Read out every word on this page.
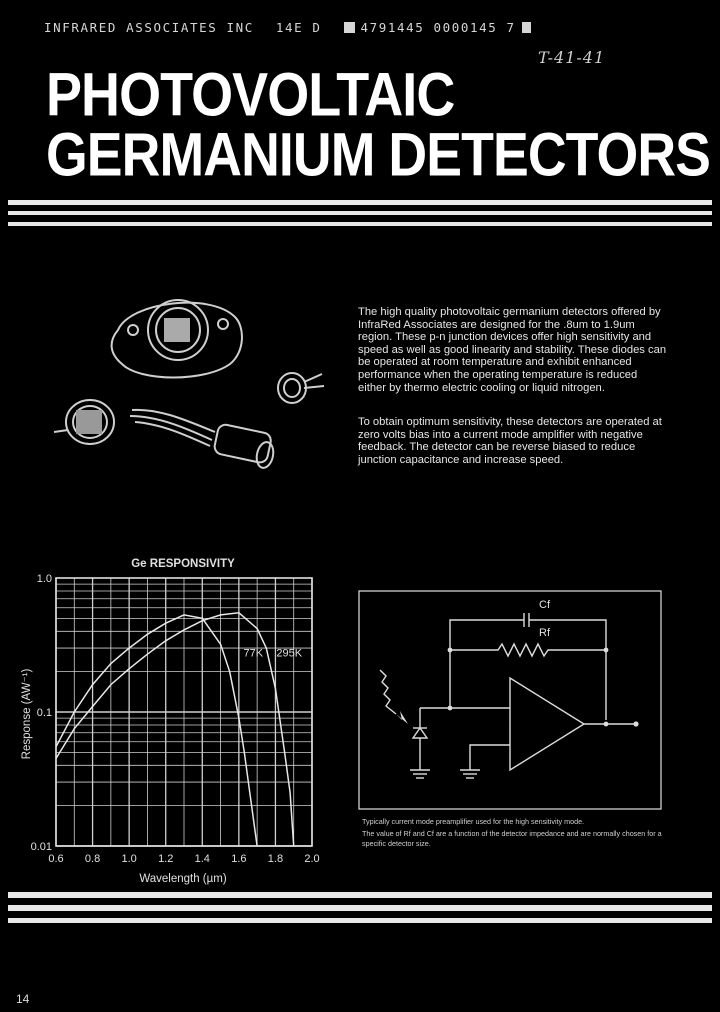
INFRARED ASSOCIATES INC 14E D	4791445 0000145 7
T-41-41
PHOTOVOLTAIC
GERMANIUM DETECTORS

The high quality photovoltaic germanium detectors offered by InfraRed Associates are designed for the .8um to 1.9um region. These p-n junction devices offer high sensitivity and speed as well as good linearity and stability. These diodes can be operated at room temperature and exhibit enhanced performance when the operating temperature is reduced either by thermo electric cooling or liquid nitrogen.

To obtain optimum sensitivity, these detectors are operated at zero volts bias into a current mode amplifier with negative feedback. The detector can be reverse biased to reduce junction capacitance and increase speed.

Ge RESPONSIVITY
0.6 0.8 1.0 1.2 1.4 1.6 1.8 2.0
1.0
0.1
0.01
77K 295K
Wavelength (µm)
Response (AW⁻¹)
Cf
Rf
Typically current mode preamplifier used for the high sensitivity mode.
The value of Rf and Cf are a function of the detector impedance and are normally chosen for a specific detector size.
14
